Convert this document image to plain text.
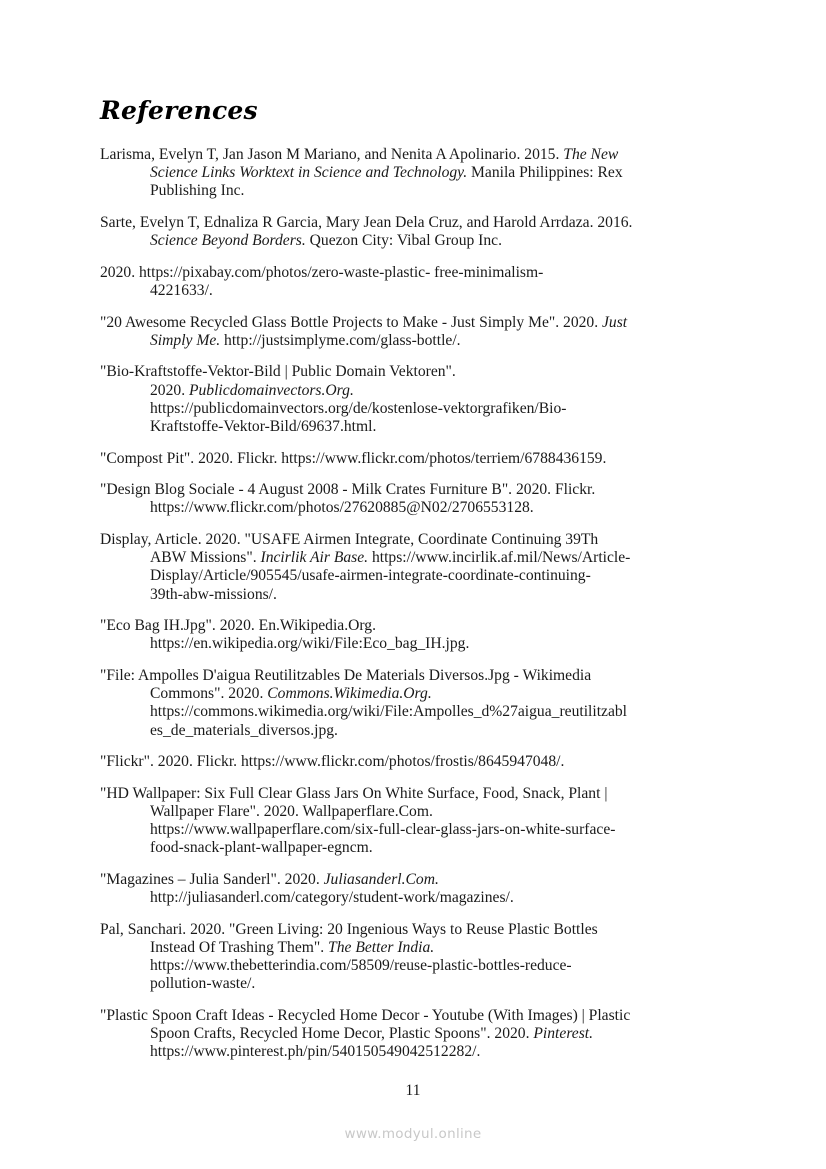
References

Larisma, Evelyn T, Jan Jason M Mariano, and Nenita A Apolinario. 2015. The New
Science Links Worktext in Science and Technology. Manila Philippines: Rex
Publishing Inc.

Sarte, Evelyn T, Ednaliza R Garcia, Mary Jean Dela Cruz, and Harold Arrdaza. 2016.
Science Beyond Borders. Quezon City: Vibal Group Inc.

2020. https://pixabay.com/photos/zero-waste-plastic- free-minimalism-
4221633/.

"20 Awesome Recycled Glass Bottle Projects to Make - Just Simply Me". 2020. Just
Simply Me. http://justsimplyme.com/glass-bottle/.

"Bio-Kraftstoffe-Vektor-Bild | Public Domain Vektoren".
2020. Publicdomainvectors.Org.
https://publicdomainvectors.org/de/kostenlose-vektorgrafiken/Bio-
Kraftstoffe-Vektor-Bild/69637.html.

"Compost Pit". 2020. Flickr. https://www.flickr.com/photos/terriem/6788436159.

"Design Blog Sociale - 4 August 2008 - Milk Crates Furniture B". 2020. Flickr.
https://www.flickr.com/photos/27620885@N02/2706553128.

Display, Article. 2020. "USAFE Airmen Integrate, Coordinate Continuing 39Th
ABW Missions". Incirlik Air Base. https://www.incirlik.af.mil/News/Article-
Display/Article/905545/usafe-airmen-integrate-coordinate-continuing-
39th-abw-missions/.

"Eco Bag IH.Jpg". 2020. En.Wikipedia.Org.
https://en.wikipedia.org/wiki/File:Eco_bag_IH.jpg.

"File: Ampolles D'aigua Reutilitzables De Materials Diversos.Jpg - Wikimedia
Commons". 2020. Commons.Wikimedia.Org.
https://commons.wikimedia.org/wiki/File:Ampolles_d%27aigua_reutilitzabl
es_de_materials_diversos.jpg.

"Flickr". 2020. Flickr. https://www.flickr.com/photos/frostis/8645947048/.

"HD Wallpaper: Six Full Clear Glass Jars On White Surface, Food, Snack, Plant |
Wallpaper Flare". 2020. Wallpaperflare.Com.
https://www.wallpaperflare.com/six-full-clear-glass-jars-on-white-surface-
food-snack-plant-wallpaper-egncm.

"Magazines – Julia Sanderl". 2020. Juliasanderl.Com.
http://juliasanderl.com/category/student-work/magazines/.

Pal, Sanchari. 2020. "Green Living: 20 Ingenious Ways to Reuse Plastic Bottles
Instead Of Trashing Them". The Better India.
https://www.thebetterindia.com/58509/reuse-plastic-bottles-reduce-
pollution-waste/.

"Plastic Spoon Craft Ideas - Recycled Home Decor - Youtube (With Images) | Plastic
Spoon Crafts, Recycled Home Decor, Plastic Spoons". 2020. Pinterest.
https://www.pinterest.ph/pin/540150549042512282/.

11
www.modyul.online
